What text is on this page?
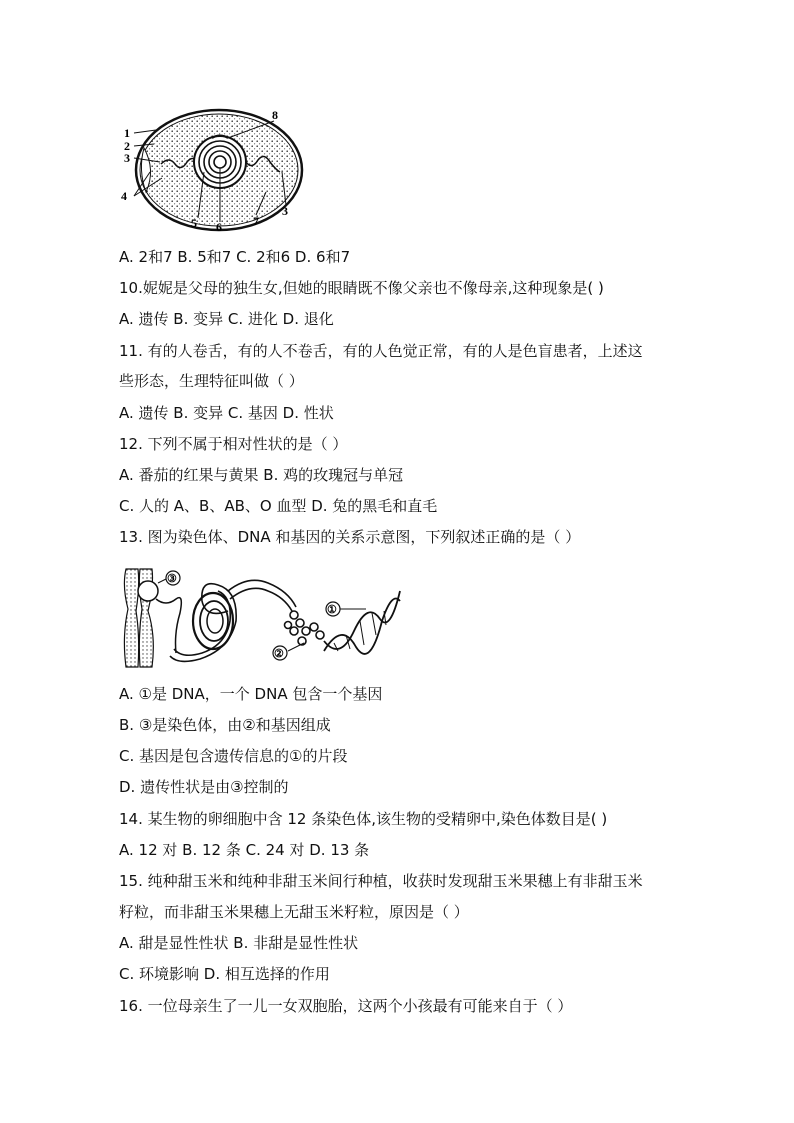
1
2
3
4
5 6	7
8
3
A. 2和7 B. 5和7 C. 2和6 D. 6和7
10.妮妮是父母的独生女,但她的眼睛既不像父亲也不像母亲,这种现象是( )
A. 遗传 B. 变异 C. 进化 D. 退化
11. 有的人卷舌，有的人不卷舌，有的人色觉正常，有的人是色盲患者，上述这
些形态，生理特征叫做（ ）
A. 遗传 B. 变异 C. 基因 D. 性状
12. 下列不属于相对性状的是（ ）
A. 番茄的红果与黄果 B. 鸡的玫瑰冠与单冠
C. 人的 A、B、AB、O 血型 D. 兔的黑毛和直毛
13. 图为染色体、DNA 和基因的关系示意图，下列叙述正确的是（ ）
③
②
①
A. ①是 DNA，一个 DNA 包含一个基因
B. ③是染色体，由②和基因组成
C. 基因是包含遗传信息的①的片段
D. 遗传性状是由③控制的
14. 某生物的卵细胞中含 12 条染色体,该生物的受精卵中,染色体数目是( )
A. 12 对 B. 12 条 C. 24 对 D. 13 条
15. 纯种甜玉米和纯种非甜玉米间行种植，收获时发现甜玉米果穗上有非甜玉米
籽粒，而非甜玉米果穗上无甜玉米籽粒，原因是（ ）
A. 甜是显性性状 B. 非甜是显性性状
C. 环境影响 D. 相互选择的作用
16. 一位母亲生了一儿一女双胞胎，这两个小孩最有可能来自于（ ）
